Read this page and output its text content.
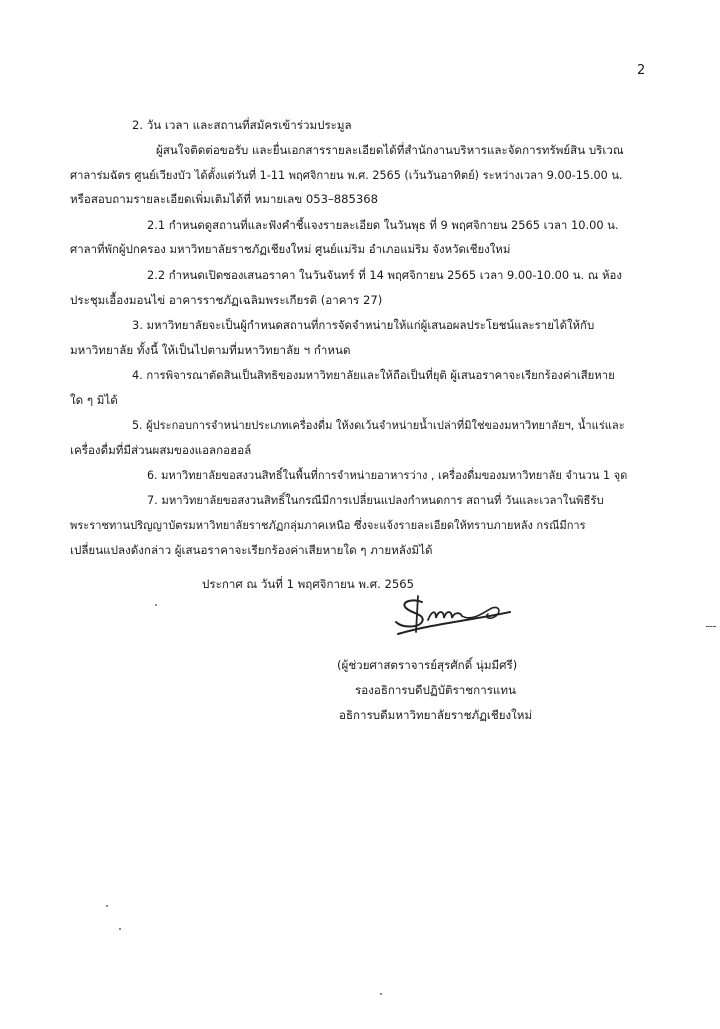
2
2. วัน เวลา และสถานที่สมัครเข้าร่วมประมูล
ผู้สนใจติดต่อขอรับ และยื่นเอกสารรายละเอียดได้ที่สำนักงานบริหารและจัดการทรัพย์สิน บริเวณ
ศาลาร่มฉัตร ศูนย์เวียงบัว ได้ตั้งแต่วันที่ 1-11 พฤศจิกายน พ.ศ. 2565 (เว้นวันอาทิตย์) ระหว่างเวลา 9.00-15.00 น.
หรือสอบถามรายละเอียดเพิ่มเติมได้ที่ หมายเลข 053–885368
2.1 กำหนดดูสถานที่และฟังคำชี้แจงรายละเอียด ในวันพุธ ที่ 9 พฤศจิกายน 2565 เวลา 10.00 น.
ศาลาที่พักผู้ปกครอง มหาวิทยาลัยราชภัฏเชียงใหม่ ศูนย์แม่ริม อำเภอแม่ริม จังหวัดเชียงใหม่
2.2 กำหนดเปิดซองเสนอราคา ในวันจันทร์ ที่ 14 พฤศจิกายน 2565 เวลา 9.00-10.00 น. ณ ห้อง
ประชุมเอื้องมอนไข่ อาคารราชภัฏเฉลิมพระเกียรติ (อาคาร 27)
3. มหาวิทยาลัยจะเป็นผู้กำหนดสถานที่การจัดจำหน่ายให้แก่ผู้เสนอผลประโยชน์และรายได้ให้กับ
มหาวิทยาลัย ทั้งนี้ ให้เป็นไปตามที่มหาวิทยาลัย ฯ กำหนด
4. การพิจารณาตัดสินเป็นสิทธิของมหาวิทยาลัยและให้ถือเป็นที่ยุติ ผู้เสนอราคาจะเรียกร้องค่าเสียหาย
ใด ๆ มิได้
5. ผู้ประกอบการจำหน่ายประเภทเครื่องดื่ม ให้งดเว้นจำหน่ายน้ำเปล่าที่มิใช่ของมหาวิทยาลัยฯ, น้ำแร่และ
เครื่องดื่มที่มีส่วนผสมของแอลกอฮอล์
6. มหาวิทยาลัยขอสงวนสิทธิ์ในพื้นที่การจำหน่ายอาหารว่าง , เครื่องดื่มของมหาวิทยาลัย จำนวน 1 จุด
7. มหาวิทยาลัยขอสงวนสิทธิ์ในกรณีมีการเปลี่ยนแปลงกำหนดการ สถานที่ วันและเวลาในพิธีรับ
พระราชทานปริญญาบัตรมหาวิทยาลัยราชภัฏกลุ่มภาคเหนือ ซึ่งจะแจ้งรายละเอียดให้ทราบภายหลัง กรณีมีการ
เปลี่ยนแปลงดังกล่าว ผู้เสนอราคาจะเรียกร้องค่าเสียหายใด ๆ ภายหลังมิได้
ประกาศ ณ วันที่ 1 พฤศจิกายน พ.ศ. 2565
(ผู้ช่วยศาสตราจารย์สุรศักดิ์ นุ่มมีศรี)
รองอธิการบดีปฏิบัติราชการแทน
อธิการบดีมหาวิทยาลัยราชภัฏเชียงใหม่
